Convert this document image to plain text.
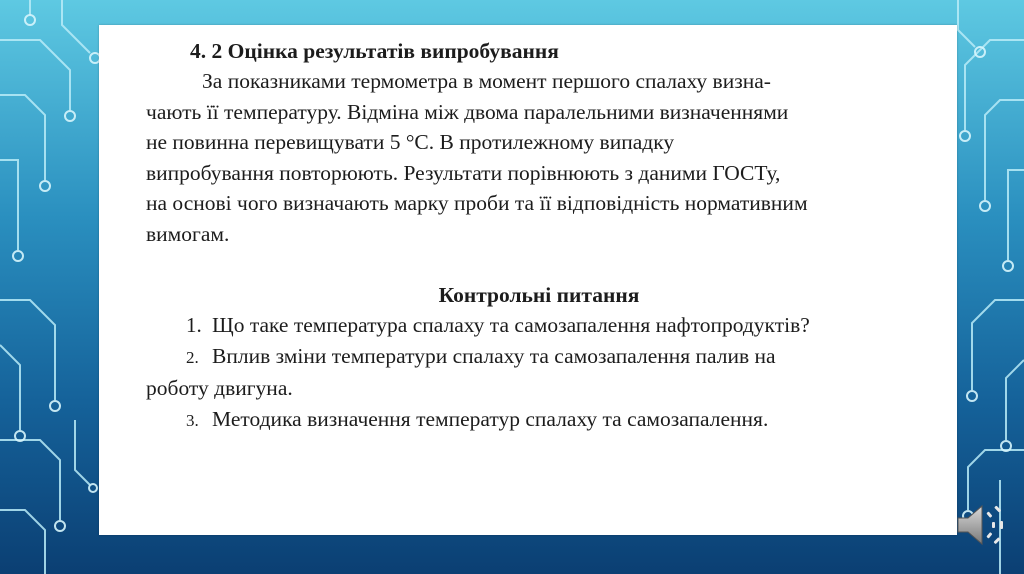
4. 2 Оцінка результатів випробування
За показниками термометра в момент першого спалаху визна-
чають її температуру. Відміна між двома паралельними визначеннями
не повинна перевищувати 5 °С. В протилежному випадку
випробування повторюють. Результати порівнюють з даними ГОСТу,
на основі чого визначають марку проби та її відповідність нормативним
вимогам.
Контрольні питання
1. Що таке температура спалаху та самозапалення нафтопродуктів?
2. Вплив зміни температури спалаху та самозапалення палив на
роботу двигуна.
3. Методика визначення температур спалаху та самозапалення.
